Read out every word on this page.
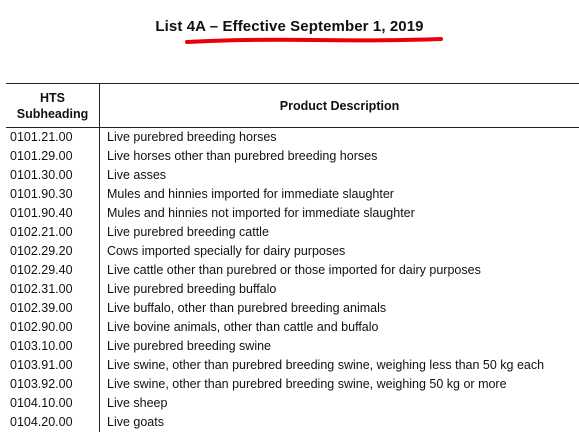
List 4A – Effective September 1, 2019
HTS
Subheading	Product Description
0101.21.00	Live purebred breeding horses
0101.29.00	Live horses other than purebred breeding horses
0101.30.00	Live asses
0101.90.30	Mules and hinnies imported for immediate slaughter
0101.90.40	Mules and hinnies not imported for immediate slaughter
0102.21.00	Live purebred breeding cattle
0102.29.20	Cows imported specially for dairy purposes
0102.29.40	Live cattle other than purebred or those imported for dairy purposes
0102.31.00	Live purebred breeding buffalo
0102.39.00	Live buffalo, other than purebred breeding animals
0102.90.00	Live bovine animals, other than cattle and buffalo
0103.10.00	Live purebred breeding swine
0103.91.00	Live swine, other than purebred breeding swine, weighing less than 50 kg each
0103.92.00	Live swine, other than purebred breeding swine, weighing 50 kg or more
0104.10.00	Live sheep
0104.20.00	Live goats
